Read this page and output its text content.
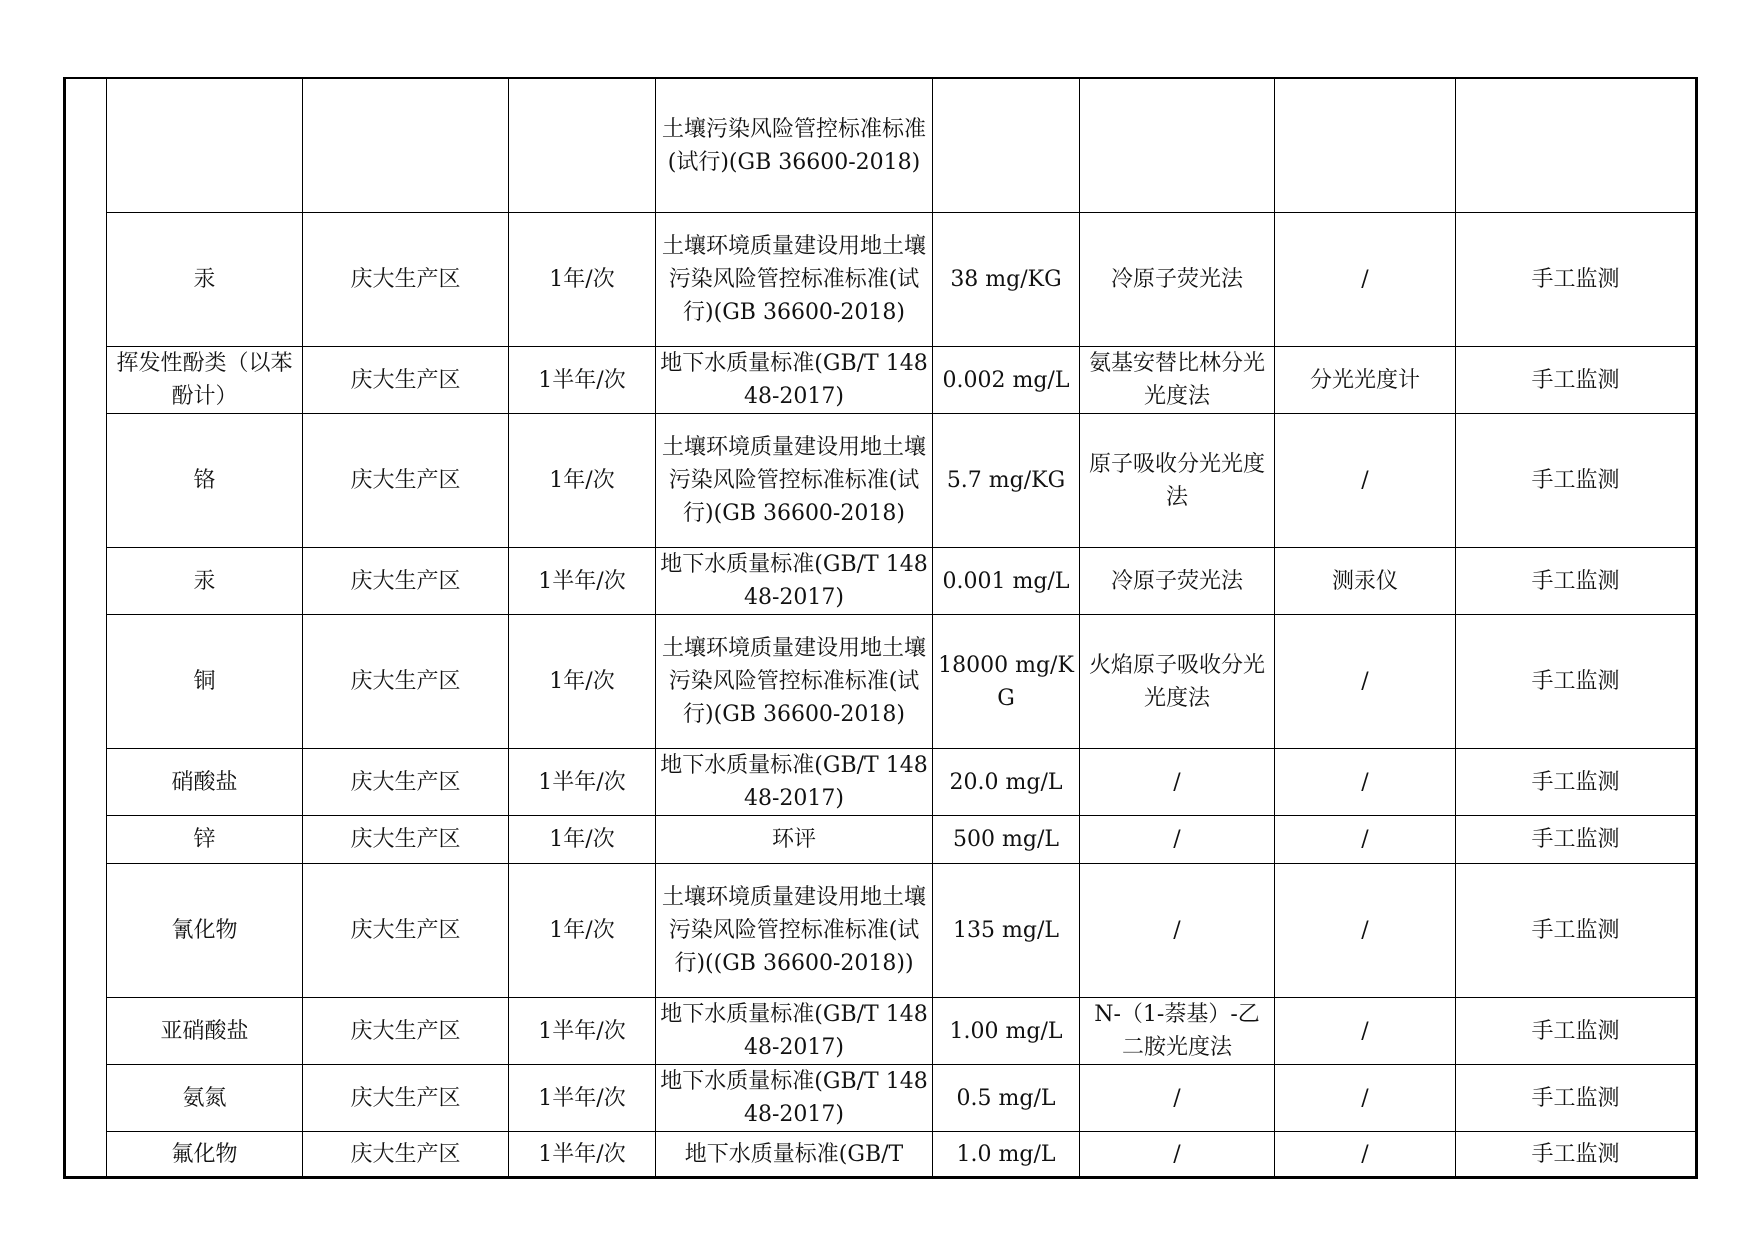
				土壤污染风险管控标准标准(试行)(GB 36600-2018)				
	汞	庆大生产区	1年/次	土壤环境质量建设用地土壤污染风险管控标准标准(试行)(GB 36600-2018)	38 mg/KG	冷原子荧光法	/	手工监测
	挥发性酚类（以苯酚计）	庆大生产区	1半年/次	地下水质量标准(GB/T 14848-2017)	0.002 mg/L	氨基安替比林分光光度法	分光光度计	手工监测
	铬	庆大生产区	1年/次	土壤环境质量建设用地土壤污染风险管控标准标准(试行)(GB 36600-2018)	5.7 mg/KG	原子吸收分光光度法	/	手工监测
	汞	庆大生产区	1半年/次	地下水质量标准(GB/T 14848-2017)	0.001 mg/L	冷原子荧光法	测汞仪	手工监测
	铜	庆大生产区	1年/次	土壤环境质量建设用地土壤污染风险管控标准标准(试行)(GB 36600-2018)	18000 mg/KG	火焰原子吸收分光光度法	/	手工监测
	硝酸盐	庆大生产区	1半年/次	地下水质量标准(GB/T 14848-2017)	20.0 mg/L	/	/	手工监测
	锌	庆大生产区	1年/次	环评	500 mg/L	/	/	手工监测
	氰化物	庆大生产区	1年/次	土壤环境质量建设用地土壤污染风险管控标准标准(试行)((GB 36600-2018))	135 mg/L	/	/	手工监测
	亚硝酸盐	庆大生产区	1半年/次	地下水质量标准(GB/T 14848-2017)	1.00 mg/L	N-（1-萘基）-乙二胺光度法	/	手工监测
	氨氮	庆大生产区	1半年/次	地下水质量标准(GB/T 14848-2017)	0.5 mg/L	/	/	手工监测
	氟化物	庆大生产区	1半年/次	地下水质量标准(GB/T	1.0 mg/L	/	/	手工监测
